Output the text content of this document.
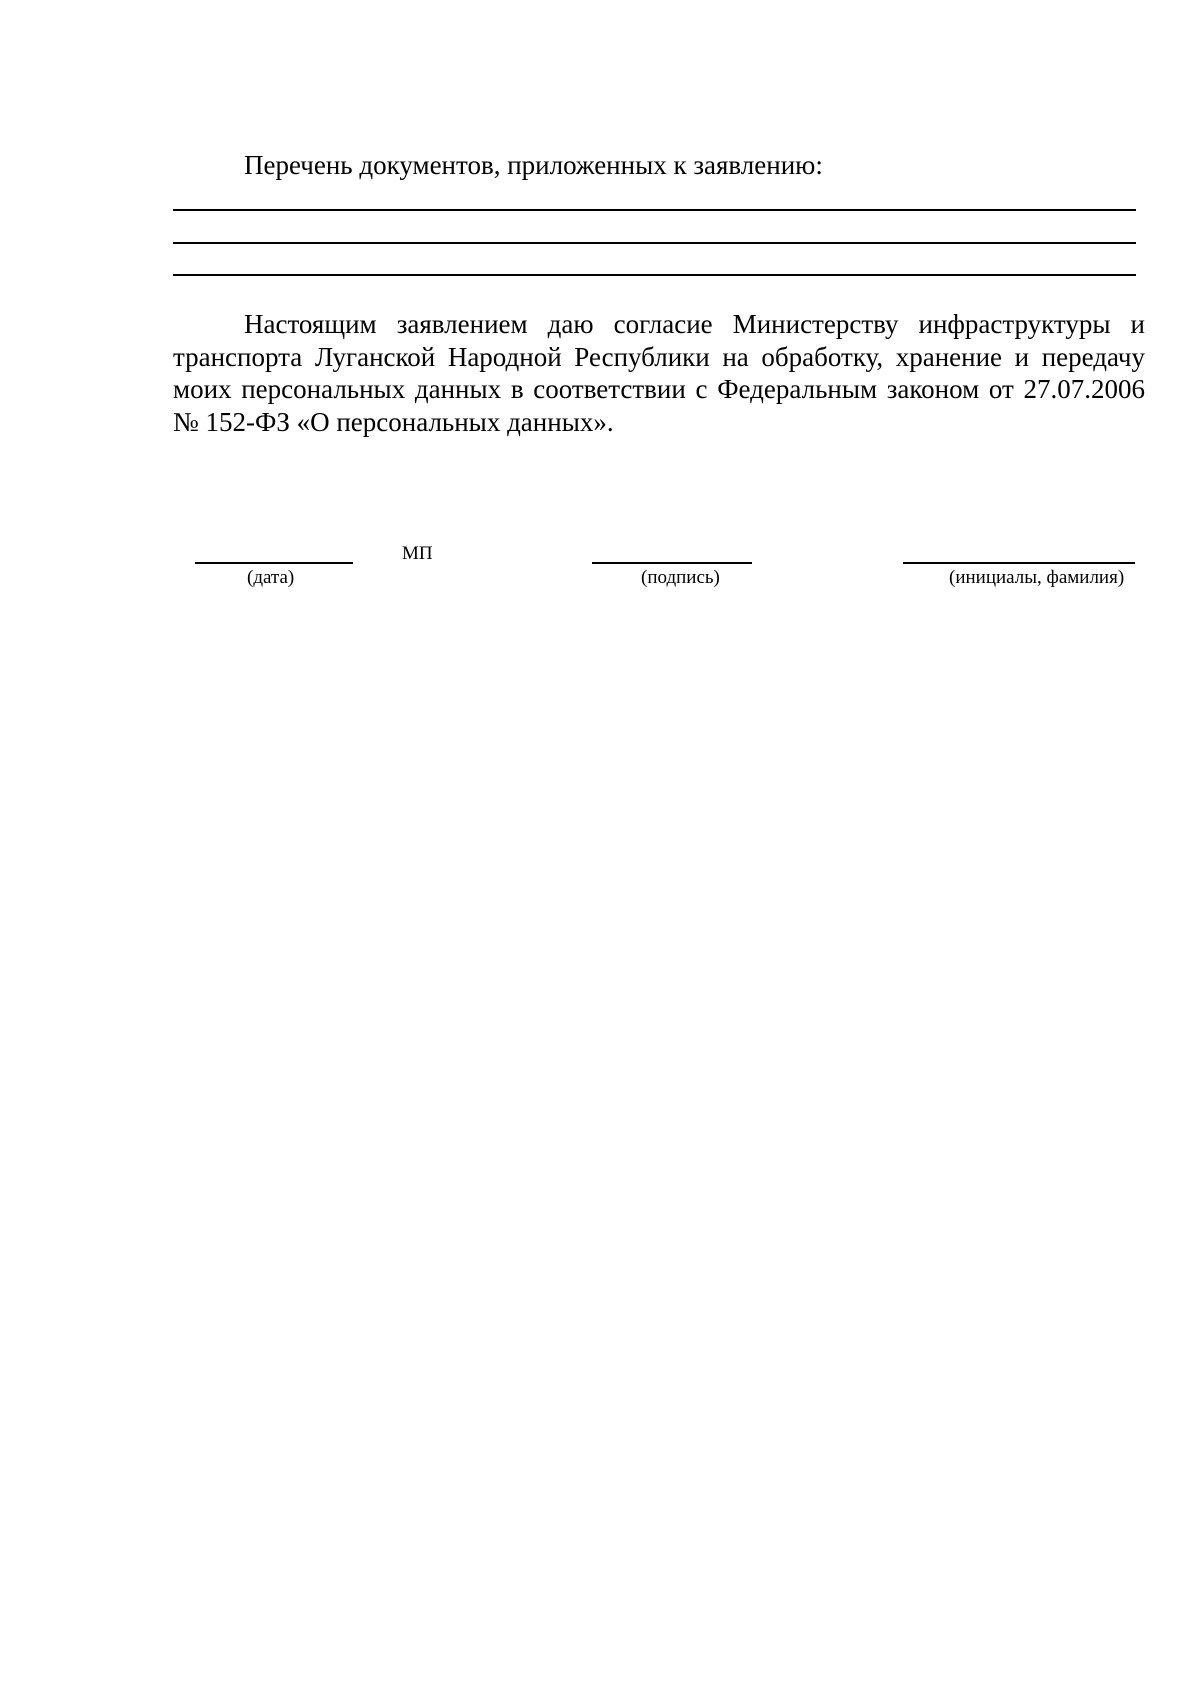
Перечень документов, приложенных к заявлению:

Настоящим заявлением даю согласие Министерству инфраструктуры и транспорта Луганской Народной Республики на обработку, хранение и передачу моих персональных данных в соответствии с Федеральным законом от 27.07.2006 № 152-ФЗ «О персональных данных».

(дата)
МП
(подпись)	(инициалы, фамилия)
